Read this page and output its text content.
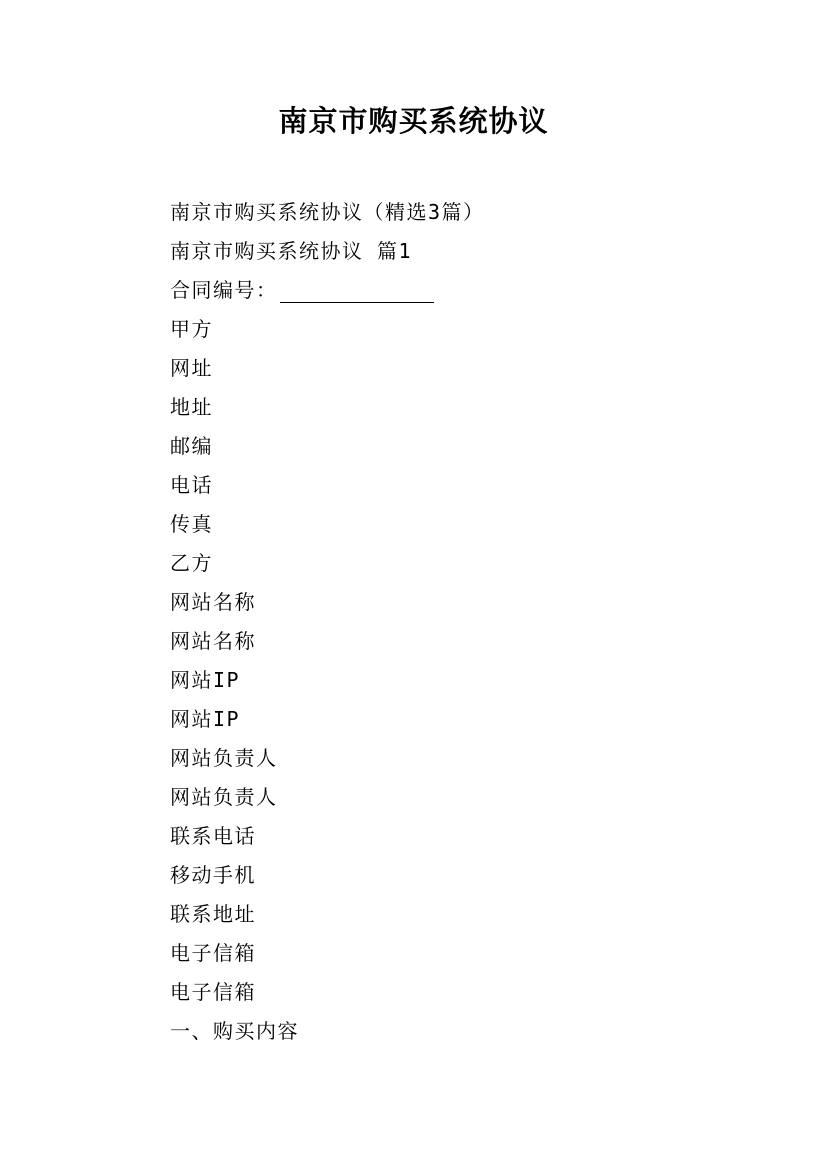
南京市购买系统协议
南京市购买系统协议（精选3篇）
南京市购买系统协议 篇1
合同编号：
甲方
网址
地址
邮编
电话
传真
乙方
网站名称
网站名称
网站IP
网站IP
网站负责人
网站负责人
联系电话
移动手机
联系地址
电子信箱
电子信箱
一、购买内容
